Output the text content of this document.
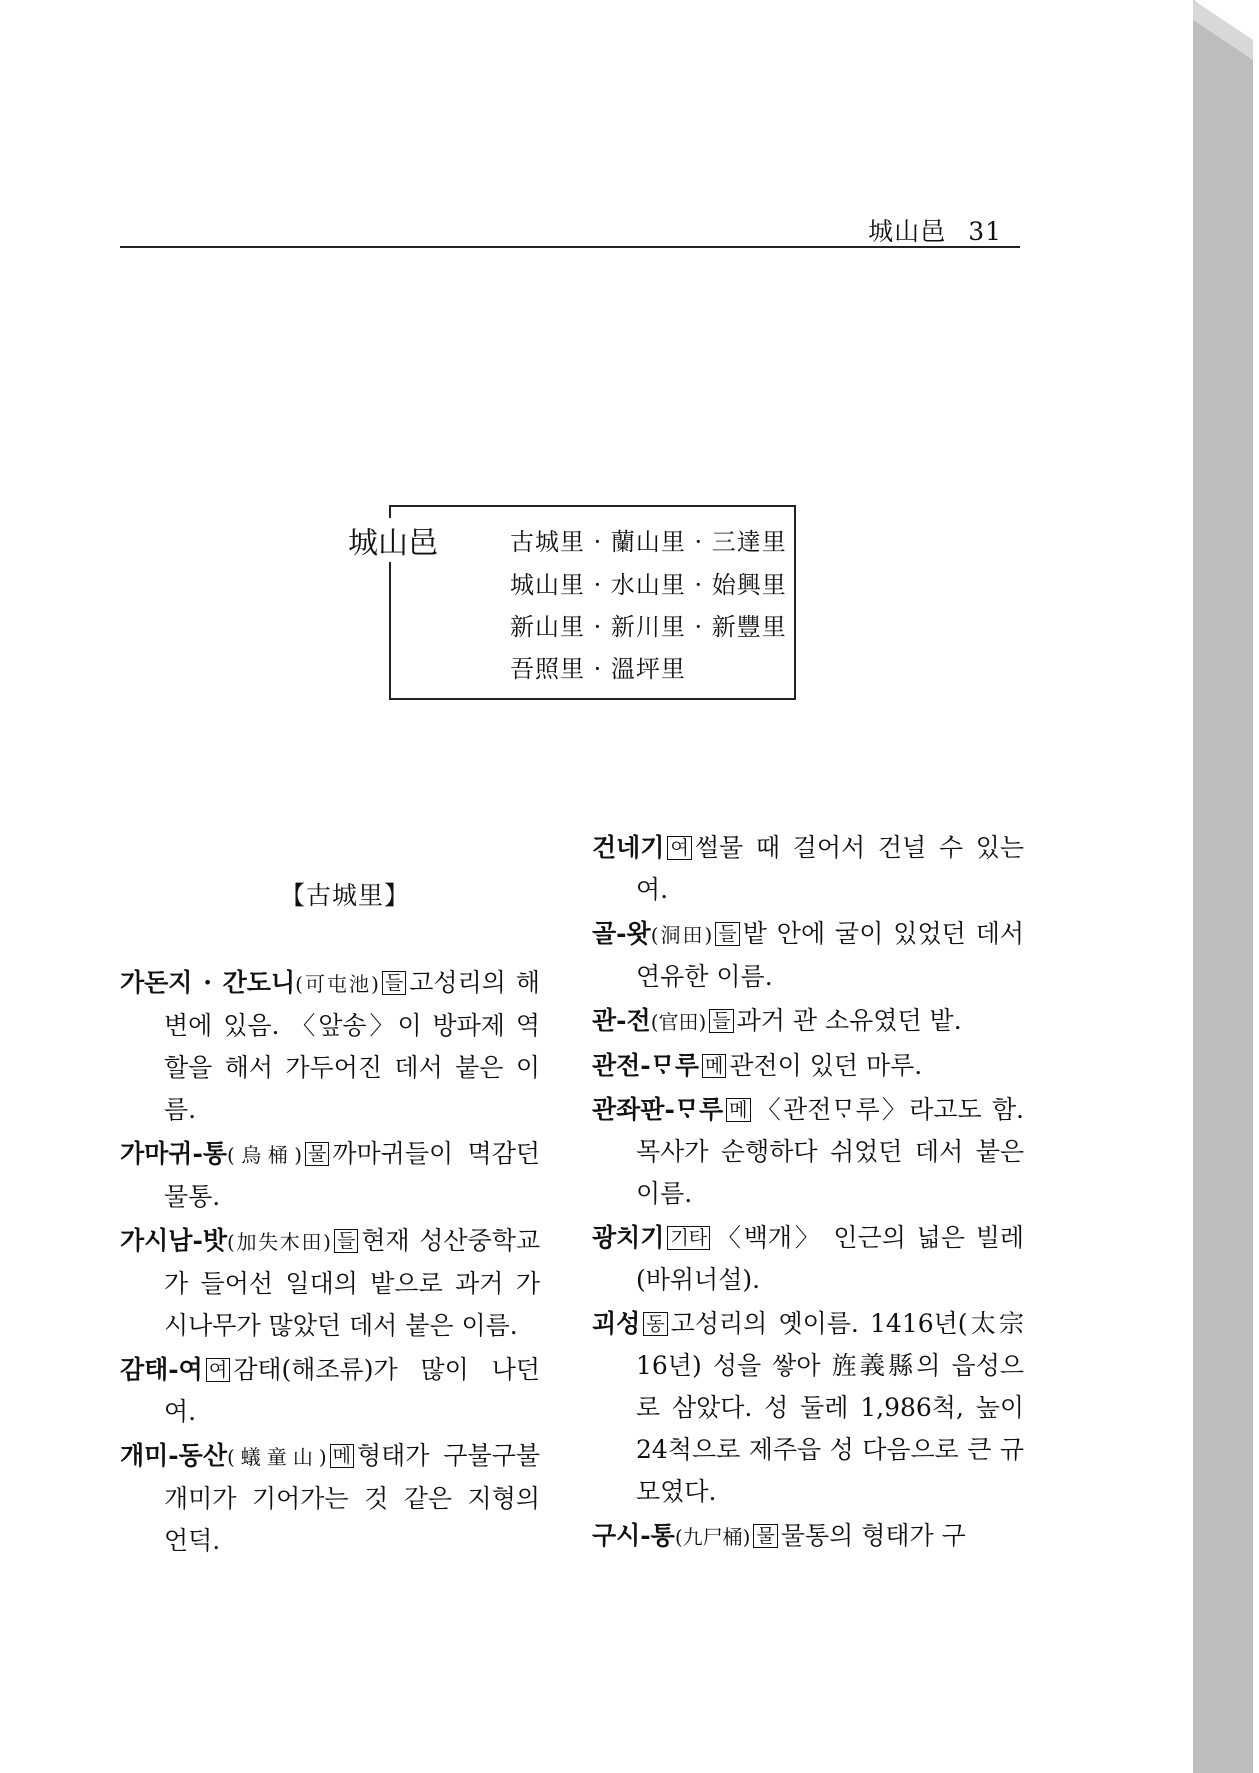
城山邑 31
城山邑	古城里 · 蘭山里 · 三達里
城山里 · 水山里 · 始興里
新山里 · 新川里 · 新豐里
吾照里 · 溫坪里
【古城里】

가돈지 · 간도니(可屯池) 들 고성리의 해변에 있음. 〈앞송〉이 방파제 역할을 해서 가두어진 데서 붙은 이름.

가마귀-통(烏桶) 물 까마귀들이 멱감던 물통.

가시남-밧(加失木田) 들 현재 성산중학교가 들어선 일대의 밭으로 과거 가시나무가 많았던 데서 붙은 이름.

감태-여 여 감태(해조류)가 많이 나던 여.

개미-동산(蟻童山) 메 형태가 구불구불 개미가 기어가는 것 같은 지형의 언덕.

건네기 여 썰물 때 걸어서 건널 수 있는 여.

골-왓(洞田) 들 밭 안에 굴이 있었던 데서 연유한 이름.

관-전(官田) 들 과거 관 소유였던 밭.

관전-ᄆᆞ루 메 관전이 있던 마루.

관좌판-ᄆᆞ루 메 〈관전ᄆᆞ루〉라고도 함. 목사가 순행하다 쉬었던 데서 붙은 이름.

광치기 기타 〈백개〉 인근의 넓은 빌레(바위너설).

괴성 동 고성리의 옛이름. 1416년(太宗 16년) 성을 쌓아 旌義縣의 읍성으로 삼았다. 성 둘레 1,986척, 높이 24척으로 제주읍 성 다음으로 큰 규모였다.

구시-통(九尸桶) 물 물통의 형태가 구
